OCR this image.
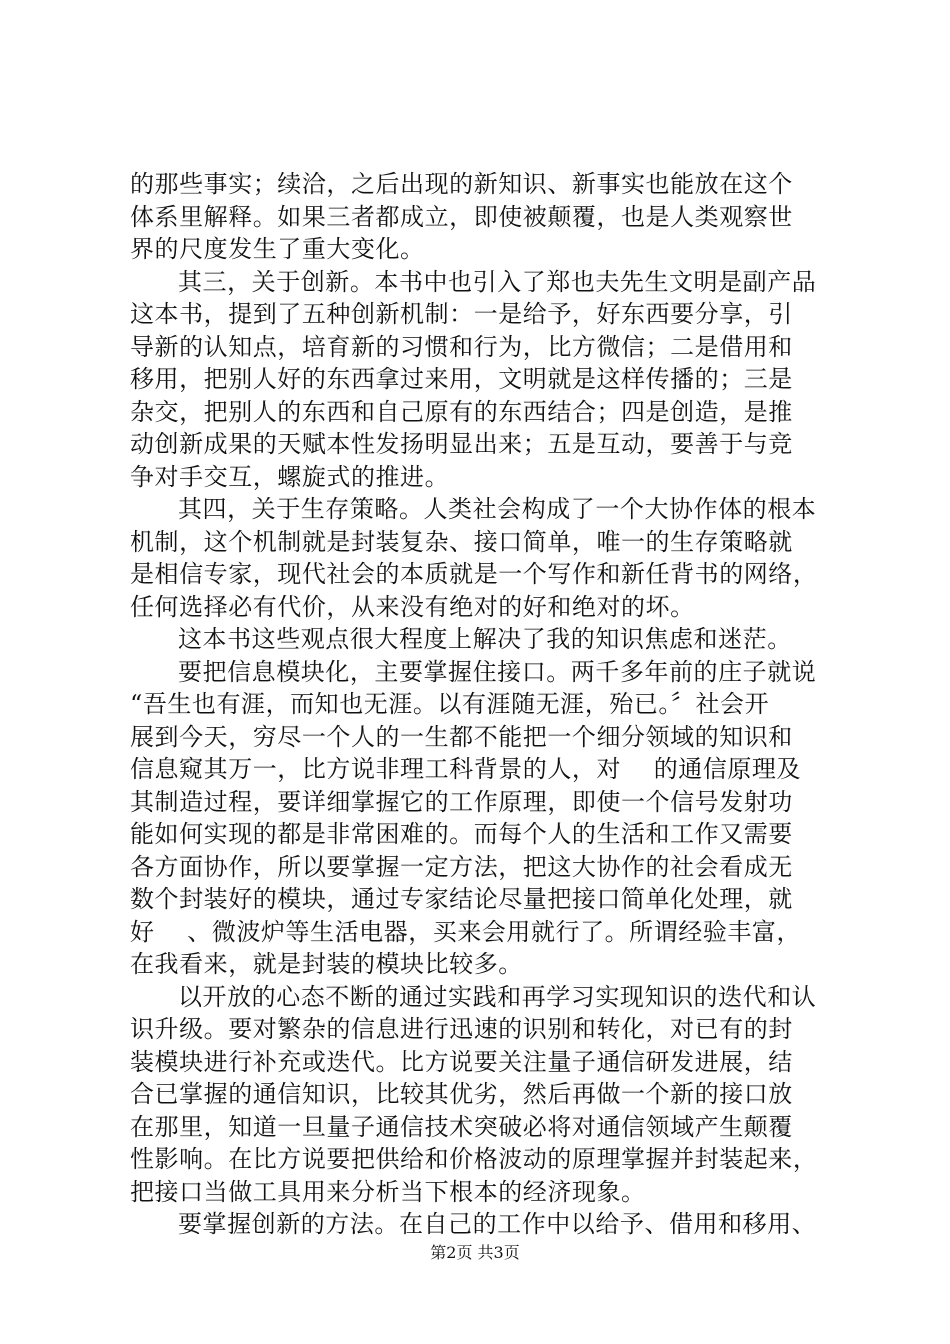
的那些事实；续洽，之后出现的新知识、新事实也能放在这个
体系里解释。如果三者都成立，即使被颠覆，也是人类观察世
界的尺度发生了重大变化。
其三，关于创新。本书中也引入了郑也夫先生文明是副产品
这本书，提到了五种创新机制：一是给予，好东西要分享，引
导新的认知点，培育新的习惯和行为，比方微信；二是借用和
移用，把别人好的东西拿过来用，文明就是这样传播的；三是
杂交，把别人的东西和自己原有的东西结合；四是创造，是推
动创新成果的天赋本性发扬明显出来；五是互动，要善于与竞
争对手交互，螺旋式的推进。
其四，关于生存策略。人类社会构成了一个大协作体的根本
机制，这个机制就是封装复杂、接口简单，唯一的生存策略就
是相信专家，现代社会的本质就是一个写作和新任背书的网络，
任何选择必有代价，从来没有绝对的好和绝对的坏。
这本书这些观点很大程度上解决了我的知识焦虑和迷茫。
要把信息模块化，主要掌握住接口。两千多年前的庄子就说
“吾生也有涯，而知也无涯。以有涯随无涯，殆已。〞社会开
展到今天，穷尽一个人的一生都不能把一个细分领域的知识和
信息窥其万一，比方说非理工科背景的人，对　 的通信原理及
其制造过程，要详细掌握它的工作原理，即使一个信号发射功
能如何实现的都是非常困难的。而每个人的生活和工作又需要
各方面协作，所以要掌握一定方法，把这大协作的社会看成无
数个封装好的模块，通过专家结论尽量把接口简单化处理，就
好　 、微波炉等生活电器，买来会用就行了。所谓经验丰富，
在我看来，就是封装的模块比较多。
以开放的心态不断的通过实践和再学习实现知识的迭代和认
识升级。要对繁杂的信息进行迅速的识别和转化，对已有的封
装模块进行补充或迭代。比方说要关注量子通信研发进展，结
合已掌握的通信知识，比较其优劣，然后再做一个新的接口放
在那里，知道一旦量子通信技术突破必将对通信领域产生颠覆
性影响。在比方说要把供给和价格波动的原理掌握并封装起来，
把接口当做工具用来分析当下根本的经济现象。
要掌握创新的方法。在自己的工作中以给予、借用和移用、
第2页 共3页
